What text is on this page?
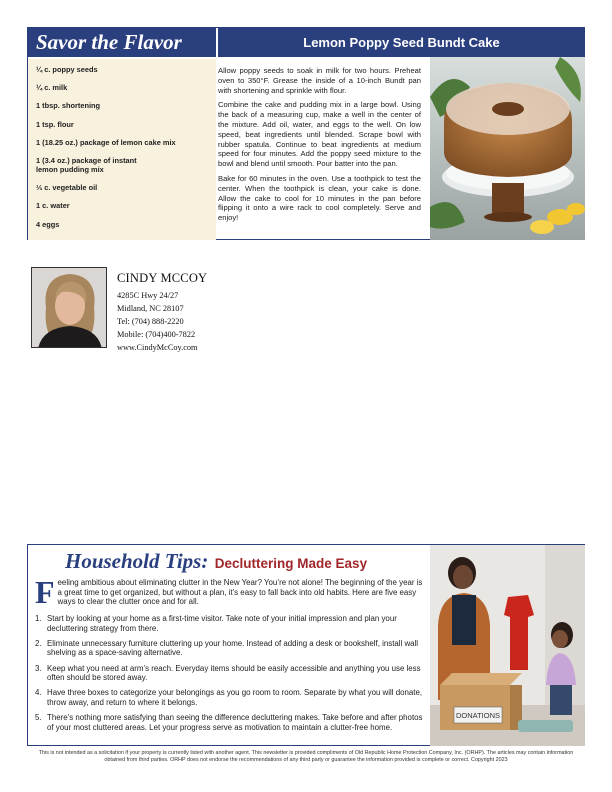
Savor the Flavor	Lemon Poppy Seed Bundt Cake
¼ c. poppy seeds
¼ c. milk
1 tbsp. shortening
1 tsp. flour
1 (18.25 oz.) package of lemon cake mix
1 (3.4 oz.) package of instant lemon pudding mix
⅓ c. vegetable oil
1 c. water
4 eggs

Allow poppy seeds to soak in milk for two hours. Preheat oven to 350°F. Grease the inside of a 10-inch Bundt pan with shortening and sprinkle with flour.

Combine the cake and pudding mix in a large bowl. Using the back of a measuring cup, make a well in the center of the mixture. Add oil, water, and eggs to the well. On low speed, beat ingredients until blended. Scrape bowl with rubber spatula. Continue to beat ingredients at medium speed for four minutes. Add the poppy seed mixture to the bowl and blend until smooth. Pour batter into the pan.

Bake for 60 minutes in the oven. Use a toothpick to test the center. When the toothpick is clean, your cake is done. Allow the cake to cool for 10 minutes in the pan before flipping it onto a wire rack to cool completely. Serve and enjoy!

CINDY MCCOY
4285C Hwy 24/27
Midland, NC 28107
Tel: (704) 888-2220
Mobile: (704)400-7822
www.CindyMcCoy.com
Household Tips: Decluttering Made Easy
F eeling ambitious about eliminating clutter in the New Year? You’re not alone! The beginning of the year is a great time to get organized, but without a plan, it’s easy to fall back into old habits. Here are five easy ways to clear the clutter once and for all.
1. Start by looking at your home as a first-time visitor. Take note of your initial impression and plan your decluttering strategy from there.
2. Eliminate unnecessary furniture cluttering up your home. Instead of adding a desk or bookshelf, install wall shelving as a space-saving alternative.
3. Keep what you need at arm’s reach. Everyday items should be easily accessible and anything you use less often should be stored away.
4. Have three boxes to categorize your belongings as you go room to room. Separate by what you will donate, throw away, and return to where it belongs.
5. There’s nothing more satisfying than seeing the difference decluttering makes. Take before and after photos of your most cluttered areas. Let your progress serve as motivation to maintain a clutter-free home.
DONATIONS
This is not intended as a solicitation if your property is currently listed with another agent. This newsletter is provided compliments of Old Republic Home Protection Company, Inc. (ORHP). The articles may contain information obtained from third parties. ORHP does not endorse the recommendations of any third party or guarantee the information provided is complete or correct. Copyright 2023
